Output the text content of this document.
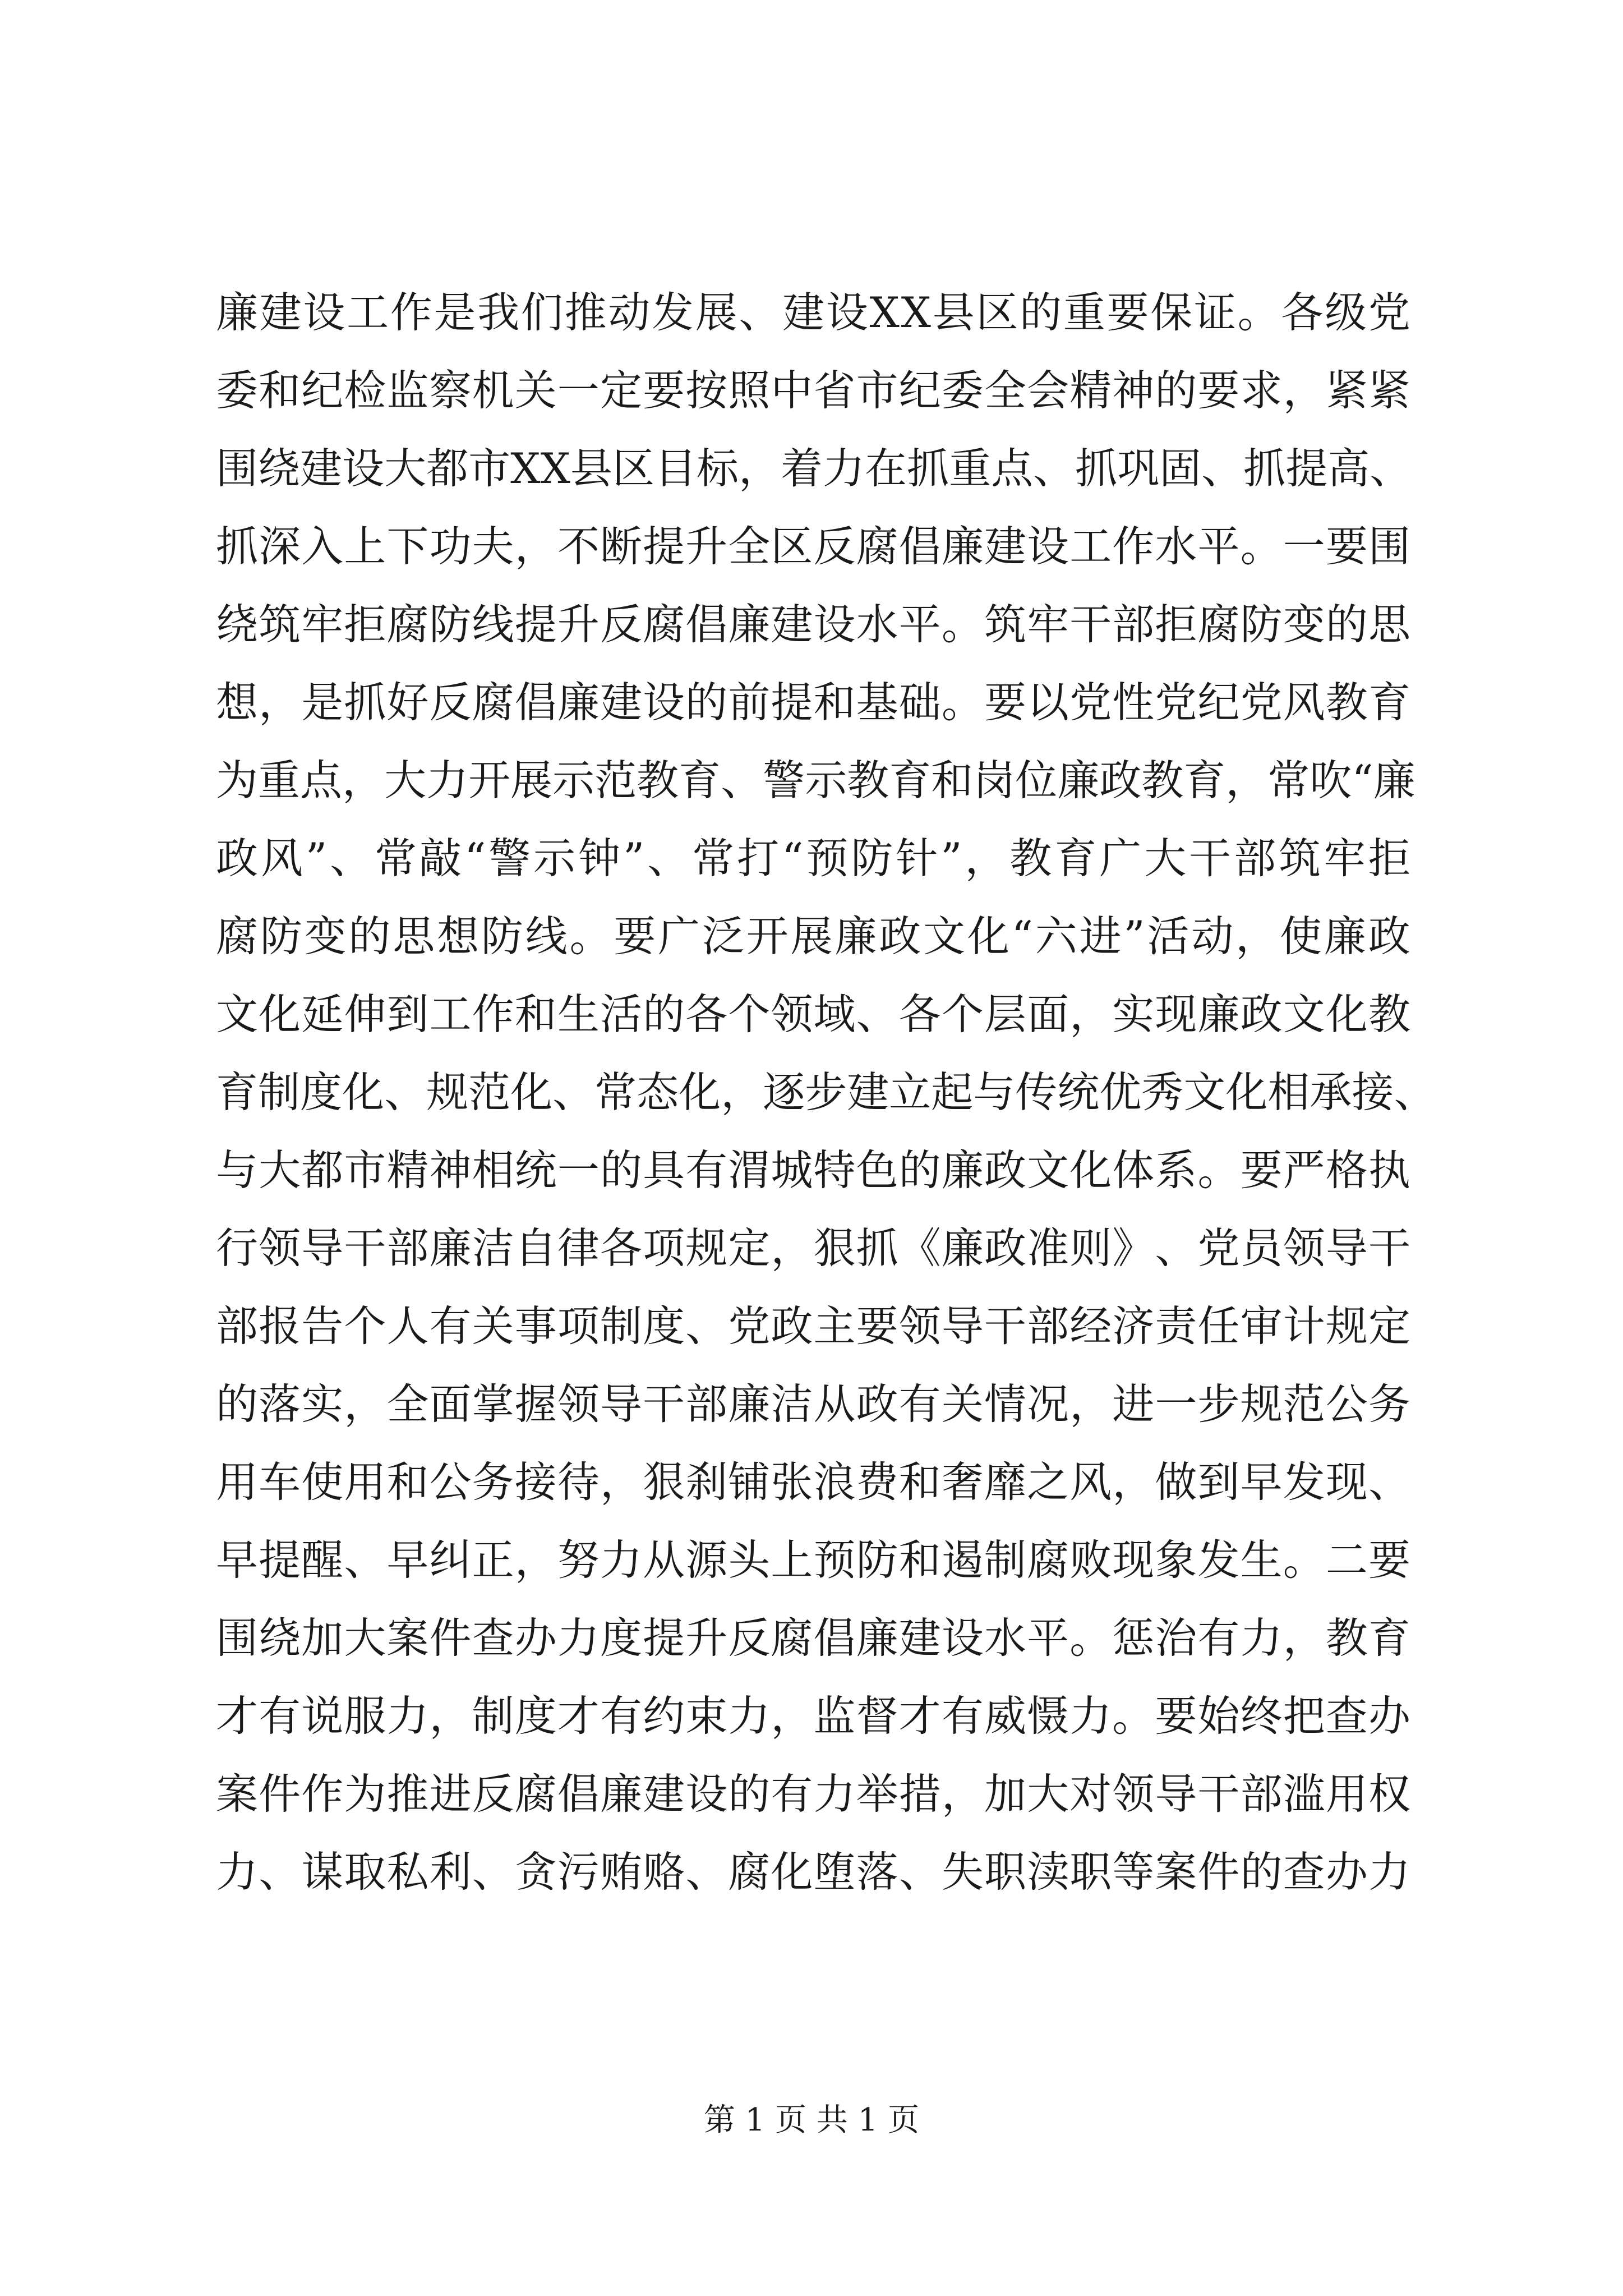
廉 建 设 工 作 是 我 们 推 动 发 展 、 建 设 X X 县 区 的 重 要 保 证 。 各 级 党
委 和 纪 检 监 察 机 关 一 定 要 按 照 中 省 市 纪 委 全 会 精 神 的 要 求 ， 紧 紧
围 绕 建 设 大 都 市 X X 县 区 目 标 ， 着 力 在 抓 重 点 、 抓 巩 固 、 抓 提 高 、
抓 深 入 上 下 功 夫 ， 不 断 提 升 全 区 反 腐 倡 廉 建 设 工 作 水 平 。 一 要 围
绕 筑 牢 拒 腐 防 线 提 升 反 腐 倡 廉 建 设 水 平 。 筑 牢 干 部 拒 腐 防 变 的 思
想 ， 是 抓 好 反 腐 倡 廉 建 设 的 前 提 和 基 础 。 要 以 党 性 党 纪 党 风 教 育
为 重 点 ， 大 力 开 展 示 范 教 育 、 警 示 教 育 和 岗 位 廉 政 教 育 ， 常 吹 “ 廉
政 风 ” 、 常 敲 “ 警 示 钟 ” 、 常 打 “ 预 防 针 ” ， 教 育 广 大 干 部 筑 牢 拒
腐 防 变 的 思 想 防 线 。 要 广 泛 开 展 廉 政 文 化 “ 六 进 ” 活 动 ， 使 廉 政
文 化 延 伸 到 工 作 和 生 活 的 各 个 领 域 、 各 个 层 面 ， 实 现 廉 政 文 化 教
育 制 度 化 、 规 范 化 、 常 态 化 ， 逐 步 建 立 起 与 传 统 优 秀 文 化 相 承 接 、
与 大 都 市 精 神 相 统 一 的 具 有 渭 城 特 色 的 廉 政 文 化 体 系 。 要 严 格 执
行 领 导 干 部 廉 洁 自 律 各 项 规 定 ， 狠 抓 《 廉 政 准 则 》 、 党 员 领 导 干
部 报 告 个 人 有 关 事 项 制 度 、 党 政 主 要 领 导 干 部 经 济 责 任 审 计 规 定
的 落 实 ， 全 面 掌 握 领 导 干 部 廉 洁 从 政 有 关 情 况 ， 进 一 步 规 范 公 务
用 车 使 用 和 公 务 接 待 ， 狠 刹 铺 张 浪 费 和 奢 靡 之 风 ， 做 到 早 发 现 、
早 提 醒 、 早 纠 正 ， 努 力 从 源 头 上 预 防 和 遏 制 腐 败 现 象 发 生 。 二 要
围 绕 加 大 案 件 查 办 力 度 提 升 反 腐 倡 廉 建 设 水 平 。 惩 治 有 力 ， 教 育
才 有 说 服 力 ， 制 度 才 有 约 束 力 ， 监 督 才 有 威 慑 力 。 要 始 终 把 查 办
案 件 作 为 推 进 反 腐 倡 廉 建 设 的 有 力 举 措 ， 加 大 对 领 导 干 部 滥 用 权
力 、 谋 取 私 利 、 贪 污 贿 赂 、 腐 化 堕 落 、 失 职 渎 职 等 案 件 的 查 办 力
第 1 页 共 1 页
